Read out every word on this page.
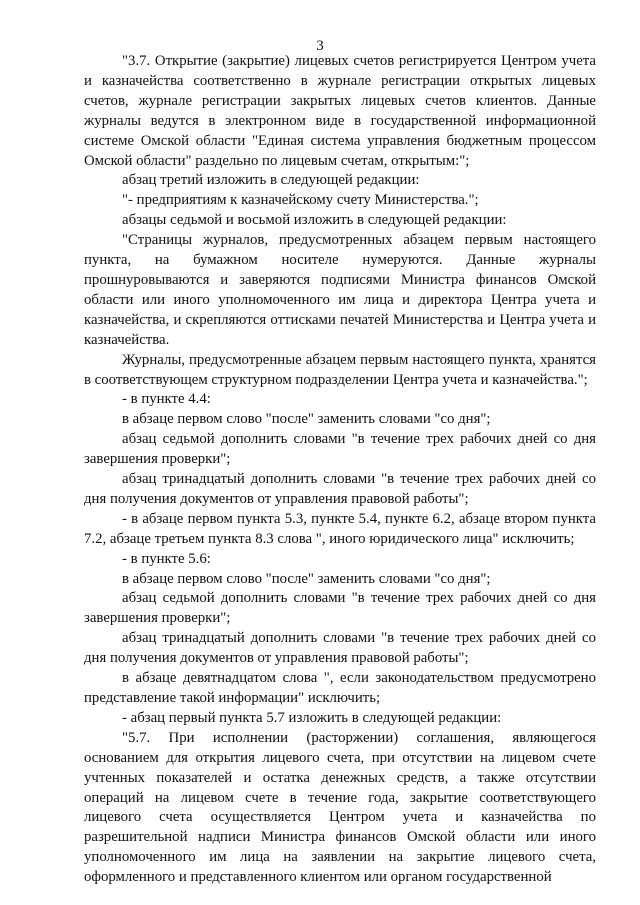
3

"3.7. Открытие (закрытие) лицевых счетов регистрируется Центром учета и казначейства соответственно в журнале регистрации открытых лицевых счетов, журнале регистрации закрытых лицевых счетов клиентов. Данные журналы ведутся в электронном виде в государственной информационной системе Омской области "Единая система управления бюджетным процессом Омской области" раздельно по лицевым счетам, открытым:";

абзац третий изложить в следующей редакции:

"- предприятиям к казначейскому счету Министерства.";

абзацы седьмой и восьмой изложить в следующей редакции:

"Страницы журналов, предусмотренных абзацем первым настоящего пункта, на бумажном носителе нумеруются. Данные журналы прошнуровываются и заверяются подписями Министра финансов Омской области или иного уполномоченного им лица и директора Центра учета и казначейства, и скрепляются оттисками печатей Министерства и Центра учета и казначейства.

Журналы, предусмотренные абзацем первым настоящего пункта, хранятся в соответствующем структурном подразделении Центра учета и казначейства.";

- в пункте 4.4:

в абзаце первом слово "после" заменить словами "со дня";

абзац седьмой дополнить словами "в течение трех рабочих дней со дня завершения проверки";

абзац тринадцатый дополнить словами "в течение трех рабочих дней со дня получения документов от управления правовой работы";

- в абзаце первом пункта 5.3, пункте 5.4, пункте 6.2, абзаце втором пункта 7.2, абзаце третьем пункта 8.3 слова ", иного юридического лица" исключить;

- в пункте 5.6:

в абзаце первом слово "после" заменить словами "со дня";

абзац седьмой дополнить словами "в течение трех рабочих дней со дня завершения проверки";

абзац тринадцатый дополнить словами "в течение трех рабочих дней со дня получения документов от управления правовой работы";

в абзаце девятнадцатом слова ", если законодательством предусмотрено представление такой информации" исключить;

- абзац первый пункта 5.7 изложить в следующей редакции:

"5.7. При исполнении (расторжении) соглашения, являющегося основанием для открытия лицевого счета, при отсутствии на лицевом счете учтенных показателей и остатка денежных средств, а также отсутствии операций на лицевом счете в течение года, закрытие соответствующего лицевого счета осуществляется Центром учета и казначейства по разрешительной надписи Министра финансов Омской области или иного уполномоченного им лица на заявлении на закрытие лицевого счета, оформленного и представленного клиентом или органом государственной
